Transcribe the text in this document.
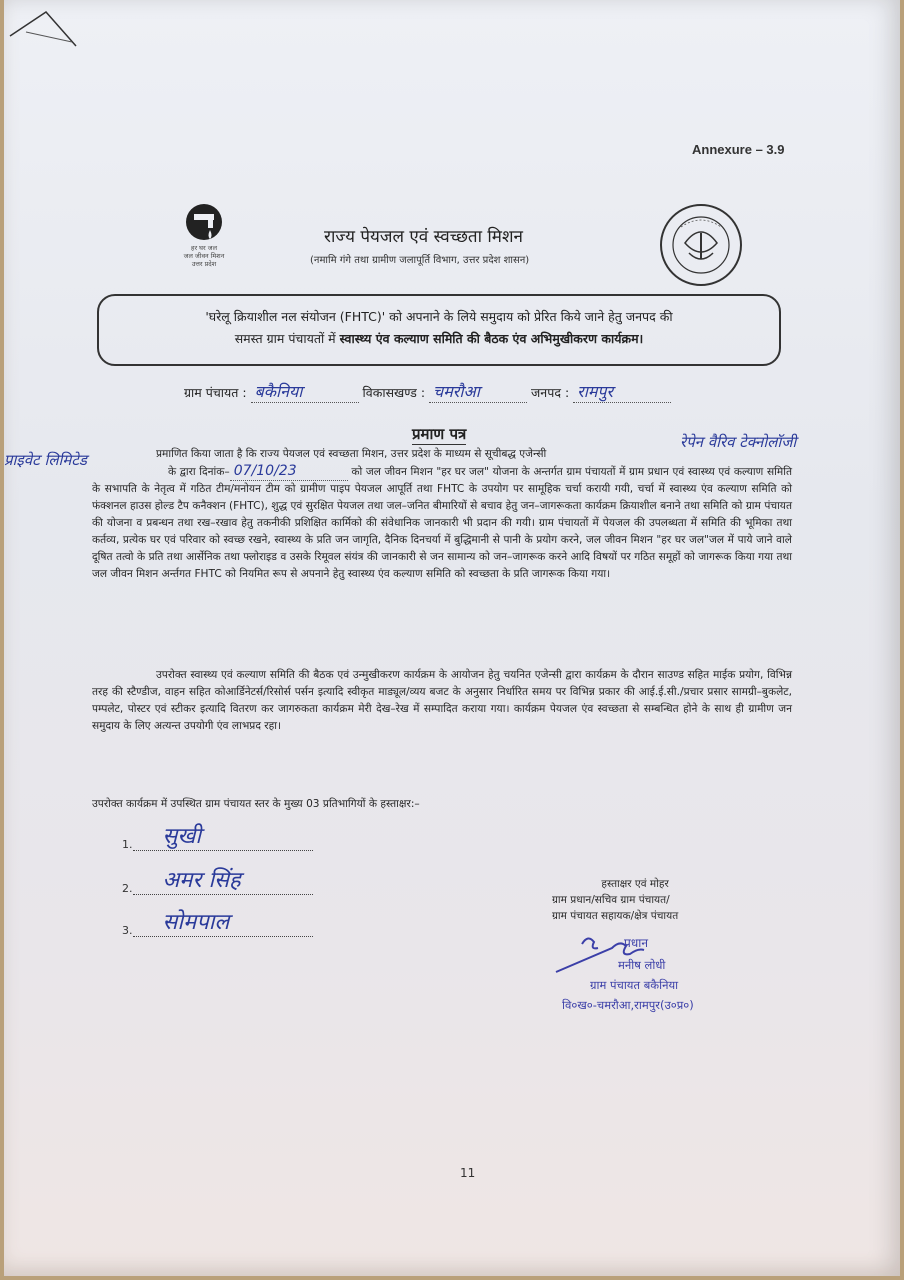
Annexure – 3.9
हर घर जल
जल जीवन मिशन
उत्तर प्रदेश
राज्य पेयजल एवं स्वच्छता मिशन
(नमामि गंगे तथा ग्रामीण जलापूर्ति विभाग, उत्तर प्रदेश शासन)
'घरेलू क्रियाशील नल संयोजन (FHTC)' को अपनाने के लिये समुदाय को प्रेरित किये जाने हेतु जनपद की
समस्त ग्राम पंचायतों में स्वास्थ्य एंव कल्याण समिति की बैठक एंव अभिमुखीकरण कार्यक्रम।
ग्राम पंचायत : बकैनिया	विकासखण्ड : चमरौआ	जनपद : रामपुर
प्रमाण पत्र	रेपेन वैरिव टेक्नोलॉजी
प्राइवेट लिमिटेड	प्रमाणित किया जाता है कि राज्य पेयजल एवं स्वच्छता मिशन, उत्तर प्रदेश के माध्यम से सूचीबद्ध एजेन्सी
के द्वारा दिनांक– 07/10/23	को जल जीवन मिशन "हर घर जल" योजना के अन्तर्गत ग्राम पंचायतों में ग्राम प्रधान एवं स्वास्थ्य एवं कल्याण समिति के सभापति के नेतृत्व में गठित टीम/मनोयन टीम को ग्रामीण पाइप पेयजल आपूर्ति तथा FHTC के उपयोग पर सामूहिक चर्चा करायी गयी, चर्चा में स्वास्थ्य एंव कल्याण समिति को फंक्शनल हाउस होल्ड टैप कनैक्शन (FHTC), शुद्ध एवं सुरक्षित पेयजल तथा जल–जनित बीमारियों से बचाव हेतु जन–जागरूकता कार्यक्रम क्रियाशील बनाने तथा समिति को ग्राम पंचायत की योजना व प्रबन्धन तथा रख–रखाव हेतु तकनीकी प्रशिक्षित कार्मिको की संवेधानिक जानकारी भी प्रदान की गयी। ग्राम पंचायतों में पेयजल की उपलब्धता में समिति की भूमिका तथा कर्तव्य, प्रत्येक घर एवं परिवार को स्वच्छ रखने, स्वास्थ्य के प्रति जन जागृति, दैनिक दिनचर्या में बुद्धिमानी से पानी के प्रयोग करने, जल जीवन मिशन "हर घर जल"जल में पाये जाने वाले दूषित तत्वो के प्रति तथा आर्सेनिक तथा फ्लोराइड व उसके रिमूवल संयंत्र की जानकारी से जन सामान्य को जन–जागरूक करने आदि विषयों पर गठित समूहों को जागरूक किया गया तथा जल जीवन मिशन अर्न्तगत FHTC को नियमित रूप से अपनाने हेतु स्वास्थ्य एंव कल्याण समिति को स्वच्छता के प्रति जागरूक किया गया।
उपरोक्त स्वास्थ्य एवं कल्याण समिति की बैठक एवं उन्मुखीकरण कार्यक्रम के आयोजन हेतु चयनित एजेन्सी द्वारा कार्यक्रम के दौरान साउण्ड सहित माईक प्रयोग, विभिन्न तरह की स्टैण्डीज, वाहन सहित कोआर्डिनेटर्स/रिसोर्स पर्सन इत्यादि स्वीकृत माड्यूल/व्यय बजट के अनुसार निर्धारित समय पर विभिन्न प्रकार की आई.ई.सी./प्रचार प्रसार सामग्री–बुकलेट, पम्पलेट, पोस्टर एवं स्टीकर इत्यादि वितरण कर जागरुकता कार्यक्रम मेरी देख–रेख में सम्पादित कराया गया। कार्यक्रम पेयजल एंव स्वच्छता से सम्बन्धित होने के साथ ही ग्रामीण जन समुदाय के लिए अत्यन्त उपयोगी एंव लाभप्रद रहा।
उपरोक्त कार्यक्रम में उपस्थित ग्राम पंचायत स्तर के मुख्य 03 प्रतिभागियों के हस्ताक्षर:–
1. सुखी
2. अमर सिंह
3. सोमपाल
हस्ताक्षर एवं मोहर
ग्राम प्रधान/सचिव ग्राम पंचायत/
ग्राम पंचायत सहायक/क्षेत्र पंचायत
प्रधान
मनीष लोधी
ग्राम पंचायत बकैनिया
वि०ख०-चमरौआ,रामपुर(उ०प्र०)
11
